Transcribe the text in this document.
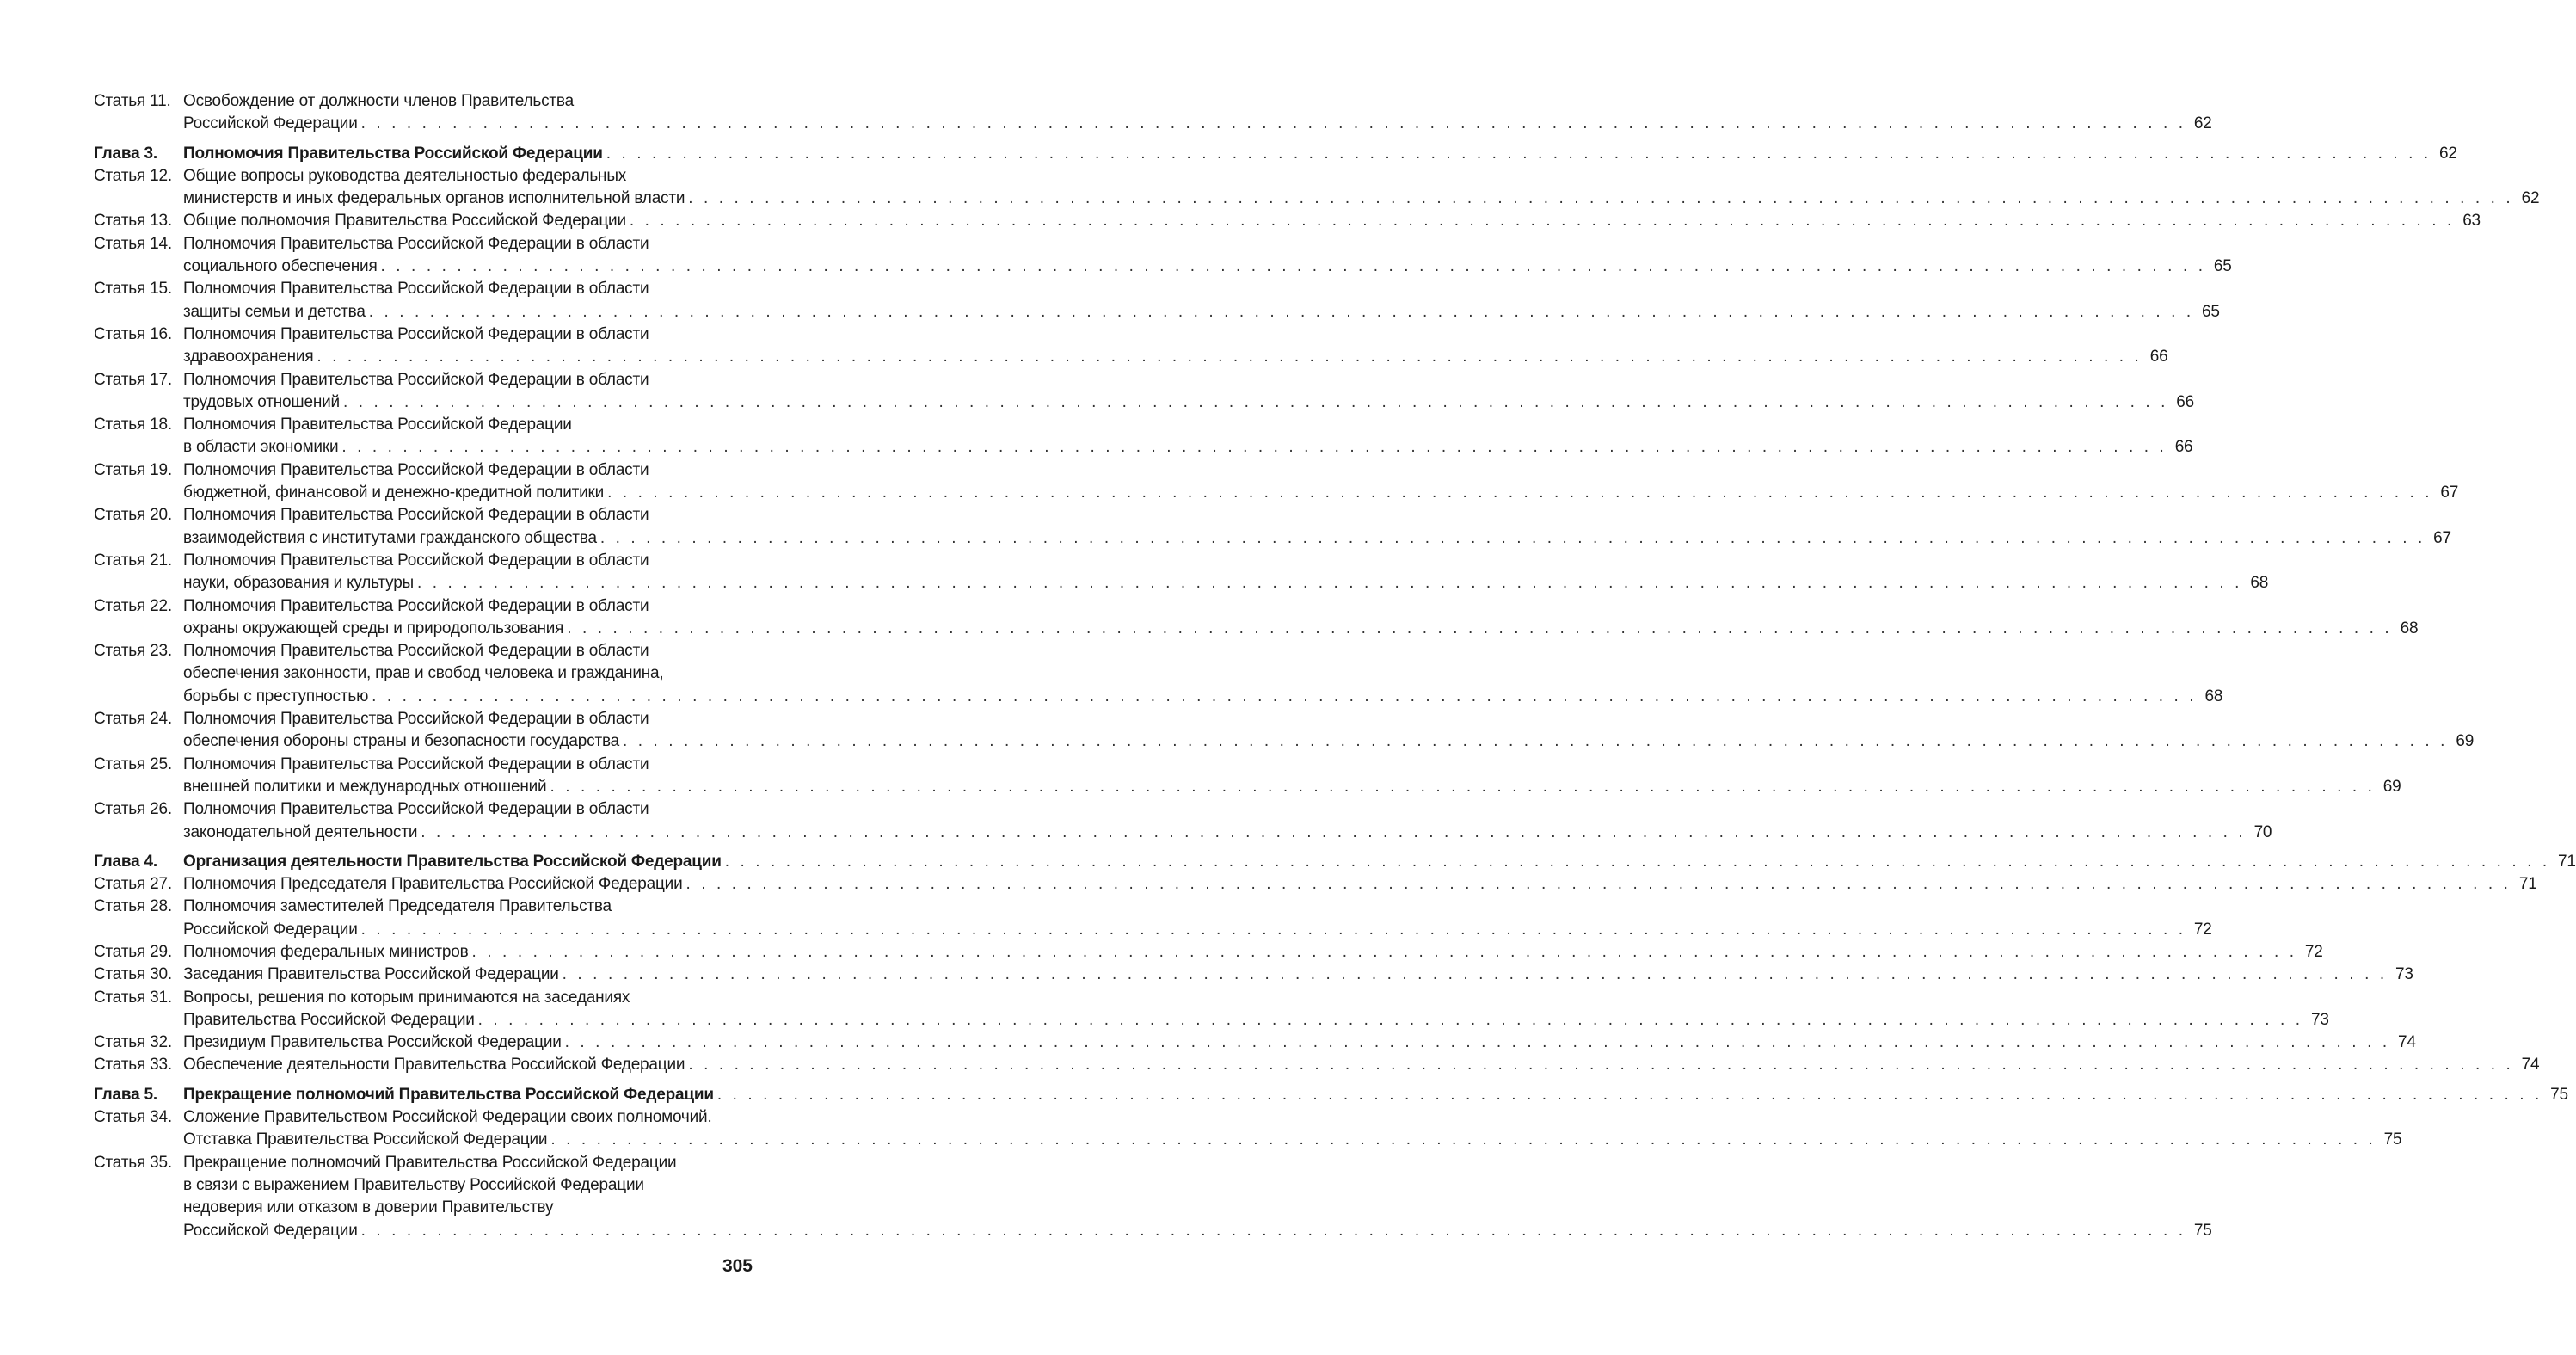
Статья 11. Освобождение от должности членов Правительства
Российской Федерации . . . . . . . . . . . . . . . . . . . . . . . . . . . . . . . . . . . . . . . . . . . . . . . . . . . . . . . . . . . . . . . . . . . . . . . . . . . . . . . . . . . . . . . . . . . . . . . . . . . . . . . . . . . . . . . . . . . . . . . . 62
Глава 3. Полномочия Правительства Российской Федерации . . . . . . . . . . . . . . . . . . . . . . . . . . . . . . . . . . . . . . . . . . . . . . . . . . . . . . . . . . . . . . . . . . . . . . . . . . . . . . . . . . . . . . . . . . . . . . . . . . . . . . . . . . . . . . . . . . . . . . . . 62
Статья 12. Общие вопросы руководства деятельностью федеральных
министерств и иных федеральных органов исполнительной власти . . . . . . . . . . . . . . . . . . . . . . . . . . . . . . . . . . . . . . . . . . . . . . . . . . . . . . . . . . . . . . . . . . . . . . . . . . . . . . . . . . . . . . . . . . . . . . . . . . . . . . . . . . . . . . . . . . . . . . . . 62
Статья 13. Общие полномочия Правительства Российской Федерации . . . . . . . . . . . . . . . . . . . . . . . . . . . . . . . . . . . . . . . . . . . . . . . . . . . . . . . . . . . . . . . . . . . . . . . . . . . . . . . . . . . . . . . . . . . . . . . . . . . . . . . . . . . . . . . . . . . . . . . . 63
Статья 14. Полномочия Правительства Российской Федерации в области
социального обеспечения . . . . . . . . . . . . . . . . . . . . . . . . . . . . . . . . . . . . . . . . . . . . . . . . . . . . . . . . . . . . . . . . . . . . . . . . . . . . . . . . . . . . . . . . . . . . . . . . . . . . . . . . . . . . . . . . . . . . . . . . 65
Статья 15. Полномочия Правительства Российской Федерации в области
защиты семьи и детства . . . . . . . . . . . . . . . . . . . . . . . . . . . . . . . . . . . . . . . . . . . . . . . . . . . . . . . . . . . . . . . . . . . . . . . . . . . . . . . . . . . . . . . . . . . . . . . . . . . . . . . . . . . . . . . . . . . . . . . . 65
Статья 16. Полномочия Правительства Российской Федерации в области
здравоохранения . . . . . . . . . . . . . . . . . . . . . . . . . . . . . . . . . . . . . . . . . . . . . . . . . . . . . . . . . . . . . . . . . . . . . . . . . . . . . . . . . . . . . . . . . . . . . . . . . . . . . . . . . . . . . . . . . . . . . . . . 66
Статья 17. Полномочия Правительства Российской Федерации в области
трудовых отношений . . . . . . . . . . . . . . . . . . . . . . . . . . . . . . . . . . . . . . . . . . . . . . . . . . . . . . . . . . . . . . . . . . . . . . . . . . . . . . . . . . . . . . . . . . . . . . . . . . . . . . . . . . . . . . . . . . . . . . . . 66
Статья 18. Полномочия Правительства Российской Федерации
в области экономики . . . . . . . . . . . . . . . . . . . . . . . . . . . . . . . . . . . . . . . . . . . . . . . . . . . . . . . . . . . . . . . . . . . . . . . . . . . . . . . . . . . . . . . . . . . . . . . . . . . . . . . . . . . . . . . . . . . . . . . . 66
Статья 19. Полномочия Правительства Российской Федерации в области
бюджетной, финансовой и денежно-кредитной политики . . . . . . . . . . . . . . . . . . . . . . . . . . . . . . . . . . . . . . . . . . . . . . . . . . . . . . . . . . . . . . . . . . . . . . . . . . . . . . . . . . . . . . . . . . . . . . . . . . . . . . . . . . . . . . . . . . . . . . . . 67
Статья 20. Полномочия Правительства Российской Федерации в области
взаимодействия с институтами гражданского общества . . . . . . . . . . . . . . . . . . . . . . . . . . . . . . . . . . . . . . . . . . . . . . . . . . . . . . . . . . . . . . . . . . . . . . . . . . . . . . . . . . . . . . . . . . . . . . . . . . . . . . . . . . . . . . . . . . . . . . . . 67
Статья 21. Полномочия Правительства Российской Федерации в области
науки, образования и культуры . . . . . . . . . . . . . . . . . . . . . . . . . . . . . . . . . . . . . . . . . . . . . . . . . . . . . . . . . . . . . . . . . . . . . . . . . . . . . . . . . . . . . . . . . . . . . . . . . . . . . . . . . . . . . . . . . . . . . . . . 68
Статья 22. Полномочия Правительства Российской Федерации в области
охраны окружающей среды и природопользования . . . . . . . . . . . . . . . . . . . . . . . . . . . . . . . . . . . . . . . . . . . . . . . . . . . . . . . . . . . . . . . . . . . . . . . . . . . . . . . . . . . . . . . . . . . . . . . . . . . . . . . . . . . . . . . . . . . . . . . . 68
Статья 23. Полномочия Правительства Российской Федерации в области
обеспечения законности, прав и свобод человека и гражданина,
борьбы с преступностью . . . . . . . . . . . . . . . . . . . . . . . . . . . . . . . . . . . . . . . . . . . . . . . . . . . . . . . . . . . . . . . . . . . . . . . . . . . . . . . . . . . . . . . . . . . . . . . . . . . . . . . . . . . . . . . . . . . . . . . . 68
Статья 24. Полномочия Правительства Российской Федерации в области
обеспечения обороны страны и безопасности государства . . . . . . . . . . . . . . . . . . . . . . . . . . . . . . . . . . . . . . . . . . . . . . . . . . . . . . . . . . . . . . . . . . . . . . . . . . . . . . . . . . . . . . . . . . . . . . . . . . . . . . . . . . . . . . . . . . . . . . . . 69
Статья 25. Полномочия Правительства Российской Федерации в области
внешней политики и международных отношений . . . . . . . . . . . . . . . . . . . . . . . . . . . . . . . . . . . . . . . . . . . . . . . . . . . . . . . . . . . . . . . . . . . . . . . . . . . . . . . . . . . . . . . . . . . . . . . . . . . . . . . . . . . . . . . . . . . . . . . . 69
Статья 26. Полномочия Правительства Российской Федерации в области
законодательной деятельности . . . . . . . . . . . . . . . . . . . . . . . . . . . . . . . . . . . . . . . . . . . . . . . . . . . . . . . . . . . . . . . . . . . . . . . . . . . . . . . . . . . . . . . . . . . . . . . . . . . . . . . . . . . . . . . . . . . . . . . . 70
Глава 4. Организация деятельности Правительства Российской Федерации . . . . . . . . . . . . . . . . . . . . . . . . . . . . . . . . . . . . . . . . . . . . . . . . . . . . . . . . . . . . . . . . . . . . . . . . . . . . . . . . . . . . . . . . . . . . . . . . . . . . . . . . . . . . . . . . . . . . . . . . 71
Статья 27. Полномочия Председателя Правительства Российской Федерации . . . . . . . . . . . . . . . . . . . . . . . . . . . . . . . . . . . . . . . . . . . . . . . . . . . . . . . . . . . . . . . . . . . . . . . . . . . . . . . . . . . . . . . . . . . . . . . . . . . . . . . . . . . . . . . . . . . . . . . . 71
Статья 28. Полномочия заместителей Председателя Правительства
Российской Федерации . . . . . . . . . . . . . . . . . . . . . . . . . . . . . . . . . . . . . . . . . . . . . . . . . . . . . . . . . . . . . . . . . . . . . . . . . . . . . . . . . . . . . . . . . . . . . . . . . . . . . . . . . . . . . . . . . . . . . . . . 72
Статья 29. Полномочия федеральных министров . . . . . . . . . . . . . . . . . . . . . . . . . . . . . . . . . . . . . . . . . . . . . . . . . . . . . . . . . . . . . . . . . . . . . . . . . . . . . . . . . . . . . . . . . . . . . . . . . . . . . . . . . . . . . . . . . . . . . . . . 72
Статья 30. Заседания Правительства Российской Федерации . . . . . . . . . . . . . . . . . . . . . . . . . . . . . . . . . . . . . . . . . . . . . . . . . . . . . . . . . . . . . . . . . . . . . . . . . . . . . . . . . . . . . . . . . . . . . . . . . . . . . . . . . . . . . . . . . . . . . . . . 73
Статья 31. Вопросы, решения по которым принимаются на заседаниях
Правительства Российской Федерации . . . . . . . . . . . . . . . . . . . . . . . . . . . . . . . . . . . . . . . . . . . . . . . . . . . . . . . . . . . . . . . . . . . . . . . . . . . . . . . . . . . . . . . . . . . . . . . . . . . . . . . . . . . . . . . . . . . . . . . . 73
Статья 32. Президиум Правительства Российской Федерации . . . . . . . . . . . . . . . . . . . . . . . . . . . . . . . . . . . . . . . . . . . . . . . . . . . . . . . . . . . . . . . . . . . . . . . . . . . . . . . . . . . . . . . . . . . . . . . . . . . . . . . . . . . . . . . . . . . . . . . . 74
Статья 33. Обеспечение деятельности Правительства Российской Федерации . . . . . . . . . . . . . . . . . . . . . . . . . . . . . . . . . . . . . . . . . . . . . . . . . . . . . . . . . . . . . . . . . . . . . . . . . . . . . . . . . . . . . . . . . . . . . . . . . . . . . . . . . . . . . . . . . . . . . . . . 74
Глава 5. Прекращение полномочий Правительства Российской Федерации . . . . . . . . . . . . . . . . . . . . . . . . . . . . . . . . . . . . . . . . . . . . . . . . . . . . . . . . . . . . . . . . . . . . . . . . . . . . . . . . . . . . . . . . . . . . . . . . . . . . . . . . . . . . . . . . . . . . . . . . 75
Статья 34. Сложение Правительством Российской Федерации своих полномочий.
Отставка Правительства Российской Федерации . . . . . . . . . . . . . . . . . . . . . . . . . . . . . . . . . . . . . . . . . . . . . . . . . . . . . . . . . . . . . . . . . . . . . . . . . . . . . . . . . . . . . . . . . . . . . . . . . . . . . . . . . . . . . . . . . . . . . . . . 75
Статья 35. Прекращение полномочий Правительства Российской Федерации
в связи с выражением Правительству Российской Федерации
недоверия или отказом в доверии Правительству
Российской Федерации . . . . . . . . . . . . . . . . . . . . . . . . . . . . . . . . . . . . . . . . . . . . . . . . . . . . . . . . . . . . . . . . . . . . . . . . . . . . . . . . . . . . . . . . . . . . . . . . . . . . . . . . . . . . . . . . . . . . . . . . 75
305
